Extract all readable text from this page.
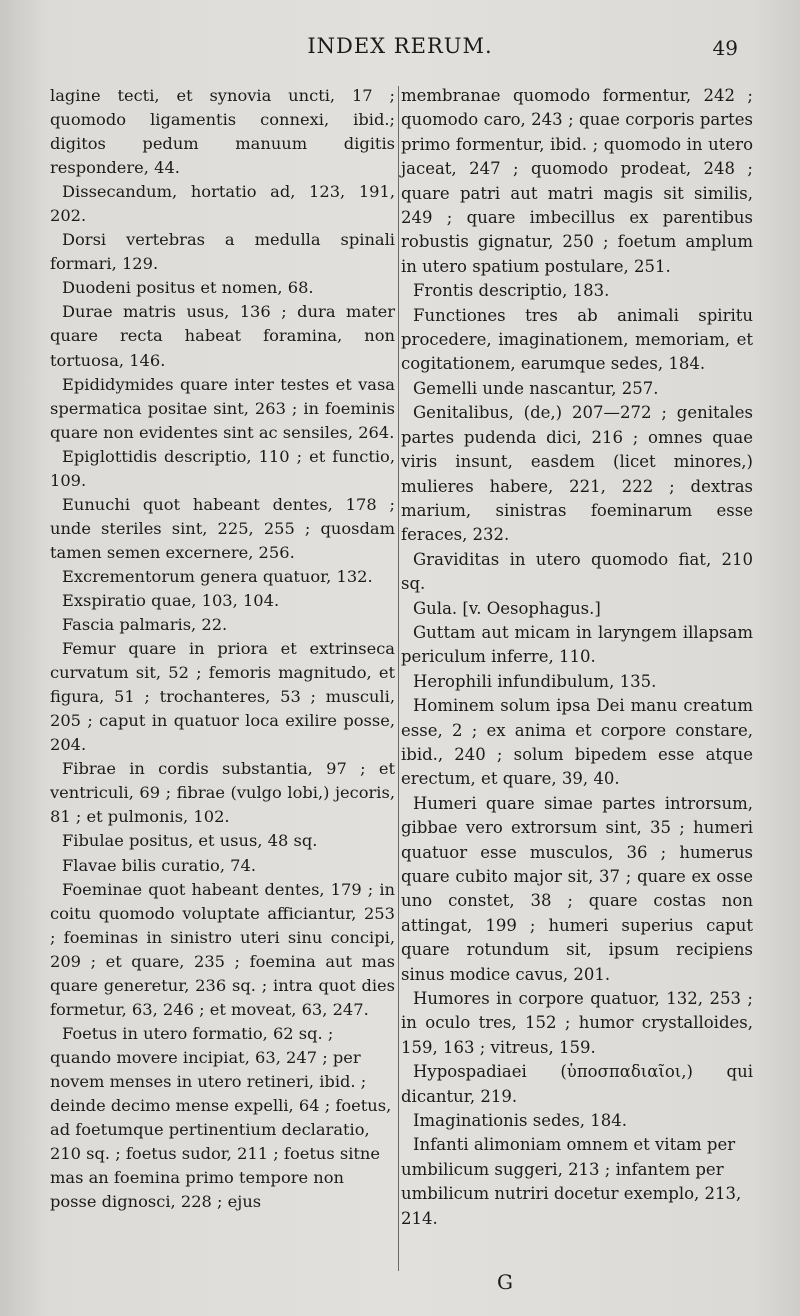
INDEX RERUM.	49

lagine tecti, et synovia uncti, 17 ; quomodo ligamentis connexi, ibid.; digitos pedum manuum digitis respondere, 44.

Dissecandum, hortatio ad, 123, 191, 202.

Dorsi vertebras a medulla spinali formari, 129.

Duodeni positus et nomen, 68.

Durae matris usus, 136 ; dura mater quare recta habeat foramina, non tortuosa, 146.

Epididymides quare inter testes et vasa spermatica positae sint, 263 ; in foeminis quare non evidentes sint ac sensiles, 264.

Epiglottidis descriptio, 110 ; et functio, 109.

Eunuchi quot habeant dentes, 178 ; unde steriles sint, 225, 255 ; quosdam tamen semen excernere, 256.

Excrementorum genera quatuor, 132.

Exspiratio quae, 103, 104.

Fascia palmaris, 22.

Femur quare in priora et extrinseca curvatum sit, 52 ; femoris magnitudo, et figura, 51 ; trochanteres, 53 ; musculi, 205 ; caput in quatuor loca exilire posse, 204.

Fibrae in cordis substantia, 97 ; et ventriculi, 69 ; fibrae (vulgo lobi,) jecoris, 81 ; et pulmonis, 102.

Fibulae positus, et usus, 48 sq.

Flavae bilis curatio, 74.

Foeminae quot habeant dentes, 179 ; in coitu quomodo voluptate afficiantur, 253 ; foeminas in sinistro uteri sinu concipi, 209 ; et quare, 235 ; foemina aut mas quare generetur, 236 sq. ; intra quot dies formetur, 63, 246 ; et moveat, 63, 247.

Foetus in utero formatio, 62 sq. ; quando movere incipiat, 63, 247 ; per novem menses in utero retineri, ibid. ; deinde decimo mense expelli, 64 ; foetus, ad foetumque pertinentium declaratio, 210 sq. ; foetus sudor, 211 ; foetus sitne mas an foemina primo tempore non posse dignosci, 228 ; ejus

membranae quomodo formentur, 242 ; quomodo caro, 243 ; quae corporis partes primo formentur, ibid. ; quomodo in utero jaceat, 247 ; quomodo prodeat, 248 ; quare patri aut matri magis sit similis, 249 ; quare imbecillus ex parentibus robustis gignatur, 250 ; foetum amplum in utero spatium postulare, 251.

Frontis descriptio, 183.

Functiones tres ab animali spiritu procedere, imaginationem, memoriam, et cogitationem, earumque sedes, 184.

Gemelli unde nascantur, 257.

Genitalibus, (de,) 207—272 ; genitales partes pudenda dici, 216 ; omnes quae viris insunt, easdem (licet minores,) mulieres habere, 221, 222 ; dextras marium, sinistras foeminarum esse feraces, 232.

Graviditas in utero quomodo fiat, 210 sq.

Gula. [v. Oesophagus.]

Guttam aut micam in laryngem illapsam periculum inferre, 110.

Herophili infundibulum, 135.

Hominem solum ipsa Dei manu creatum esse, 2 ; ex anima et corpore constare, ibid., 240 ; solum bipedem esse atque erectum, et quare, 39, 40.

Humeri quare simae partes introrsum, gibbae vero extrorsum sint, 35 ; humeri quatuor esse musculos, 36 ; humerus quare cubito major sit, 37 ; quare ex osse uno constet, 38 ; quare costas non attingat, 199 ; humeri superius caput quare rotundum sit, ipsum recipiens sinus modice cavus, 201.

Humores in corpore quatuor, 132, 253 ; in oculo tres, 152 ; humor crystalloides, 159, 163 ; vitreus, 159.

Hypospadiaei (ὑποσπαδιαῖοι,) qui dicantur, 219.

Imaginationis sedes, 184.

Infanti alimoniam omnem et vitam per umbilicum suggeri, 213 ; infantem per umbilicum nutriri docetur exemplo, 213, 214.

G
